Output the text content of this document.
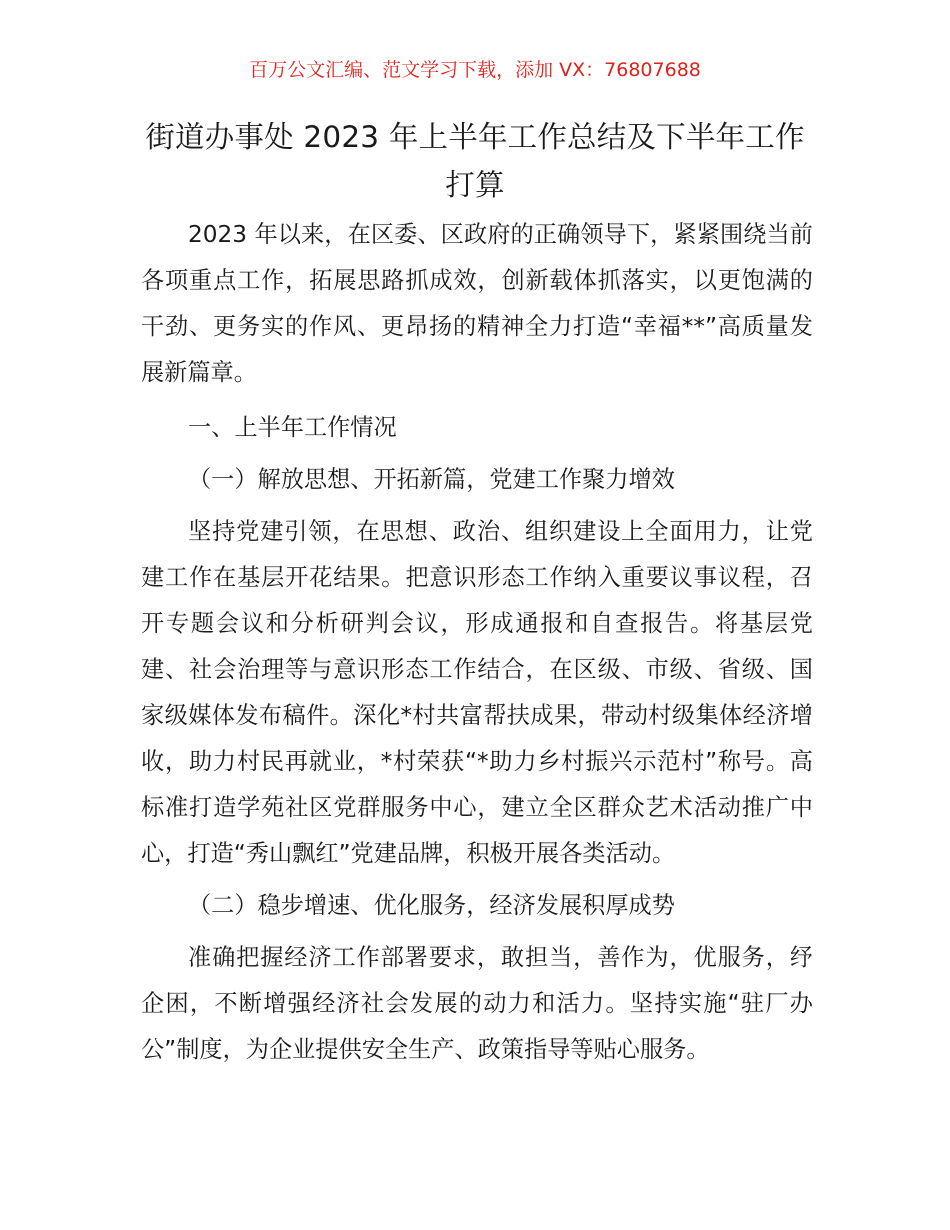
百万公文汇编、范文学习下载，添加 VX：76807688
街道办事处 2023 年上半年工作总结及下半年工作打算

2023 年以来，在区委、区政府的正确领导下，紧紧围绕当前各项重点工作，拓展思路抓成效，创新载体抓落实，以更饱满的干劲、更务实的作风、更昂扬的精神全力打造“幸福**”高质量发展新篇章。

一、上半年工作情况

（一）解放思想、开拓新篇，党建工作聚力增效

坚持党建引领，在思想、政治、组织建设上全面用力，让党建工作在基层开花结果。把意识形态工作纳入重要议事议程，召开专题会议和分析研判会议，形成通报和自查报告。将基层党建、社会治理等与意识形态工作结合，在区级、市级、省级、国家级媒体发布稿件。深化*村共富帮扶成果，带动村级集体经济增收，助力村民再就业，*村荣获“*助力乡村振兴示范村”称号。高标准打造学苑社区党群服务中心，建立全区群众艺术活动推广中心，打造“秀山飘红”党建品牌，积极开展各类活动。

（二）稳步增速、优化服务，经济发展积厚成势

准确把握经济工作部署要求，敢担当，善作为，优服务，纾企困，不断增强经济社会发展的动力和活力。坚持实施“驻厂办公”制度，为企业提供安全生产、政策指导等贴心服务。
